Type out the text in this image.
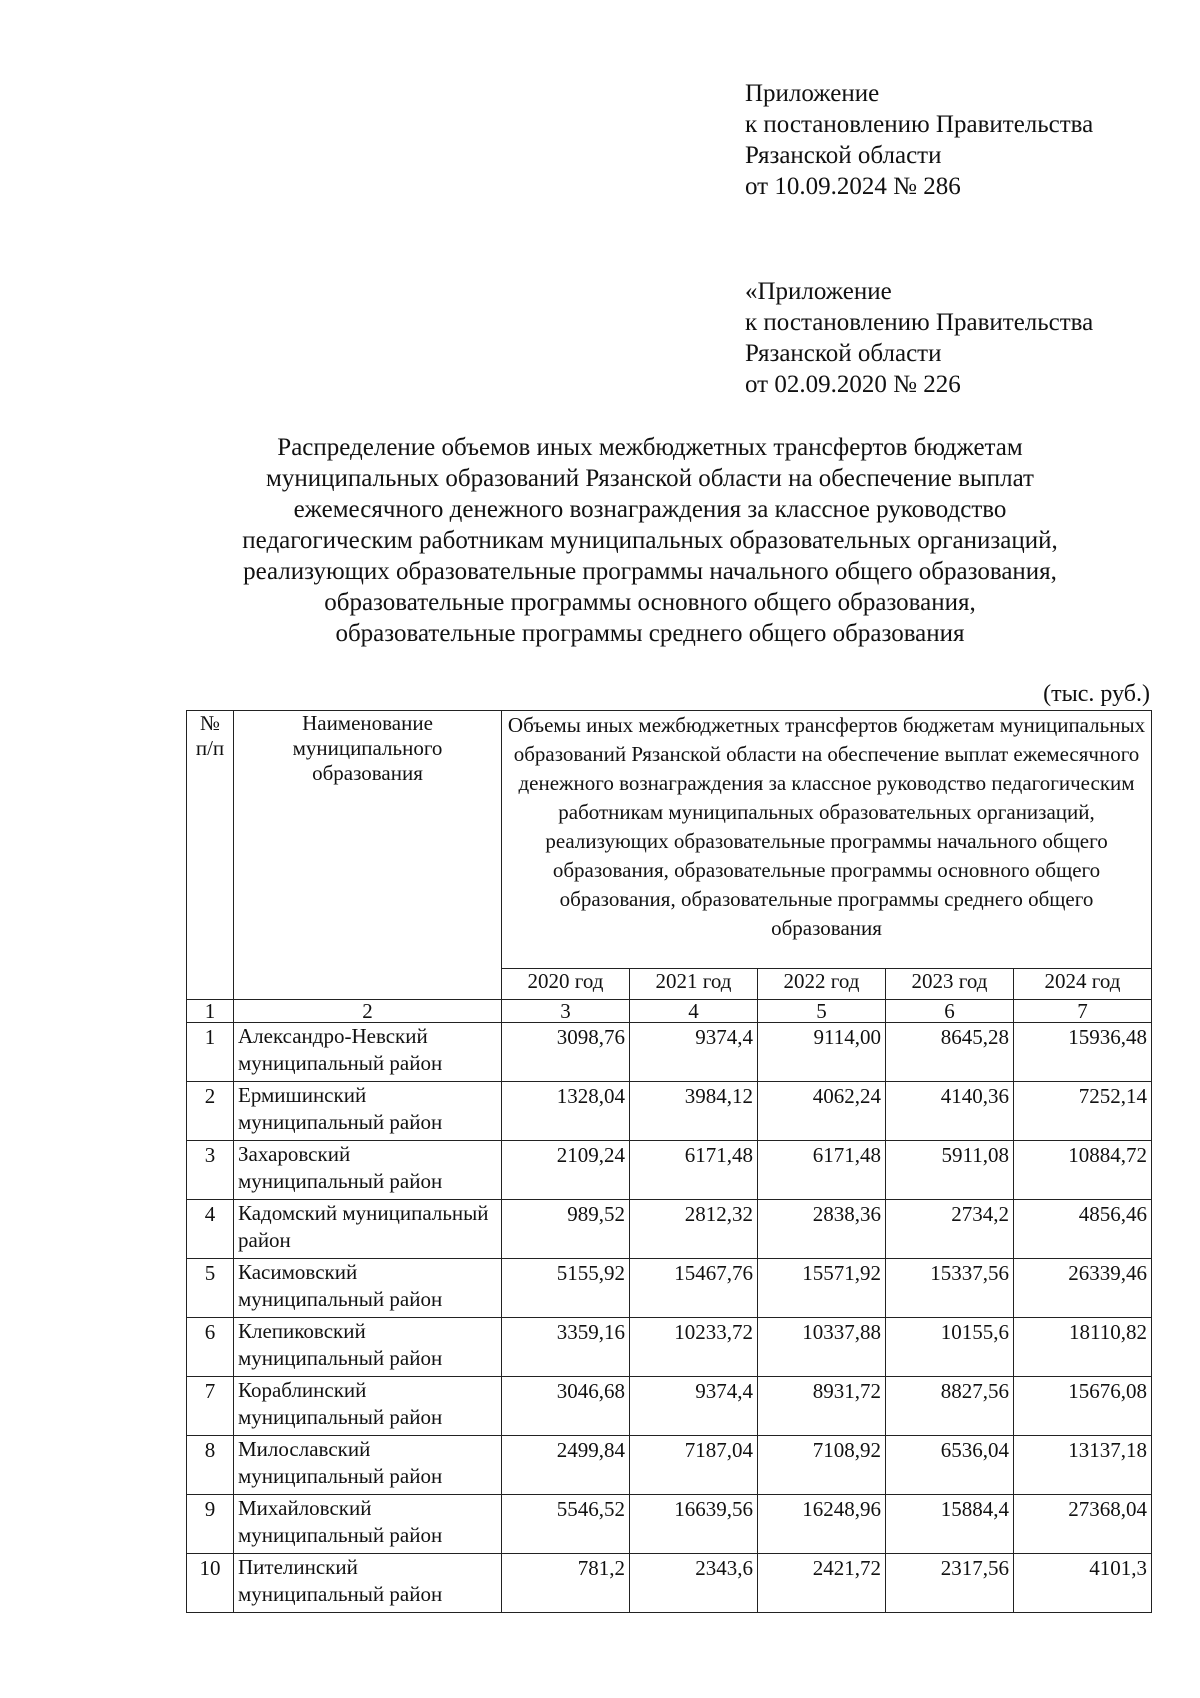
Приложение
к постановлению Правительства
Рязанской области
от 10.09.2024 № 286
«Приложение
к постановлению Правительства
Рязанской области
от 02.09.2020 № 226
Распределение объемов иных межбюджетных трансфертов бюджетам
муниципальных образований Рязанской области на обеспечение выплат
ежемесячного денежного вознаграждения за классное руководство
педагогическим работникам муниципальных образовательных организаций,
реализующих образовательные программы начального общего образования,
образовательные программы основного общего образования,
образовательные программы среднего общего образования
(тыс. руб.)
№ п/п	Наименование муниципального образования	Объемы иных межбюджетных трансфертов бюджетам муниципальных образований Рязанской области на обеспечение выплат ежемесячного денежного вознаграждения за классное руководство педагогическим работникам муниципальных образовательных организаций, реализующих образовательные программы начального общего образования, образовательные программы основного общего образования, образовательные программы среднего общего образования				
		2020 год	2021 год	2022 год	2023 год	2024 год
1	2	3	4	5	6	7
1	Александро-Невский муниципальный район	3098,76	9374,4	9114,00	8645,28	15936,48
2	Ермишинский муниципальный район	1328,04	3984,12	4062,24	4140,36	7252,14
3	Захаровский муниципальный район	2109,24	6171,48	6171,48	5911,08	10884,72
4	Кадомский муниципальный район	989,52	2812,32	2838,36	2734,2	4856,46
5	Касимовский муниципальный район	5155,92	15467,76	15571,92	15337,56	26339,46
6	Клепиковский муниципальный район	3359,16	10233,72	10337,88	10155,6	18110,82
7	Кораблинский муниципальный район	3046,68	9374,4	8931,72	8827,56	15676,08
8	Милославский муниципальный район	2499,84	7187,04	7108,92	6536,04	13137,18
9	Михайловский муниципальный район	5546,52	16639,56	16248,96	15884,4	27368,04
10	Пителинский муниципальный район	781,2	2343,6	2421,72	2317,56	4101,3
